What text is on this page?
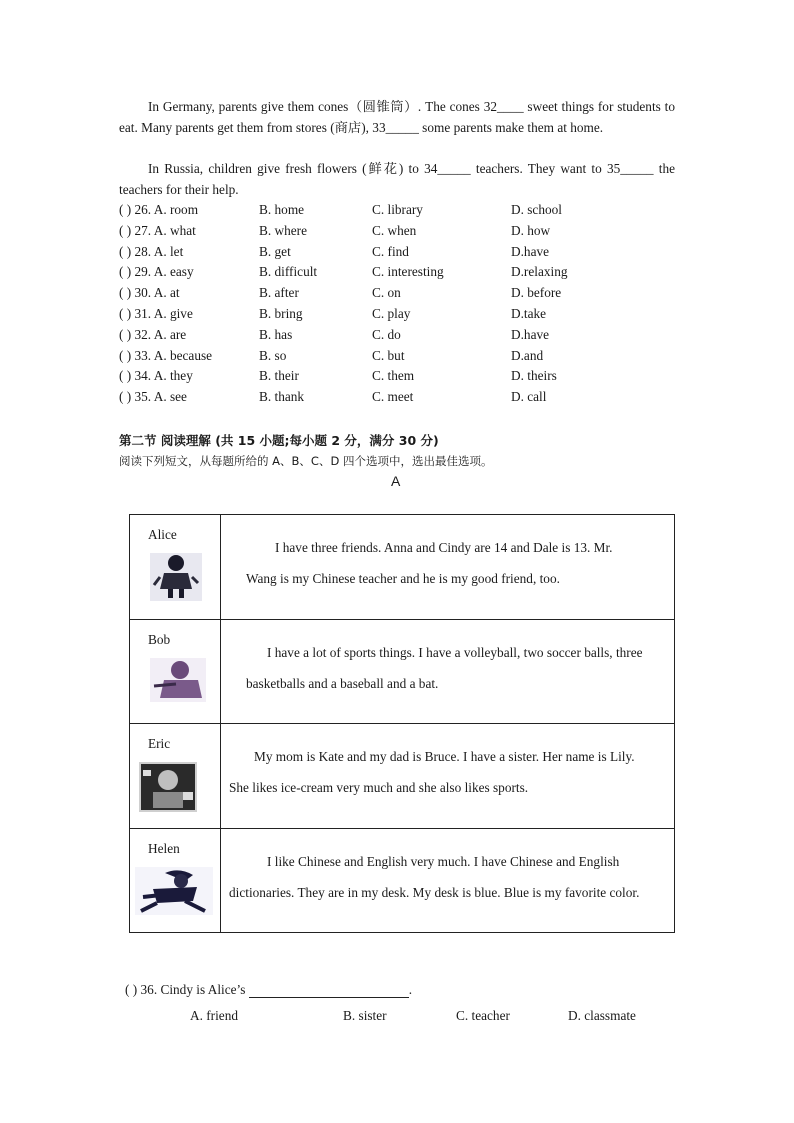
In Germany, parents give them cones（圆锥筒）. The cones 32____ sweet things for students to eat. Many parents get them from stores (商店), 33_____ some parents make them at home.

In Russia, children give fresh flowers (鲜花) to 34_____ teachers. They want to 35_____ the teachers for their help.

( ) 26. A. room	B. home	C. library	D. school
( ) 27. A. what	B. where	C. when	D. how
( ) 28. A. let	B. get	C. find	D.have
( ) 29. A. easy	B. difficult	C. interesting	D.relaxing
( ) 30. A. at	B. after	C. on	D. before
( ) 31. A. give	B. bring	C. play	D.take
( ) 32. A. are	B. has	C. do	D.have
( ) 33. A. because	B. so	C. but	D.and
( ) 34. A. they	B. their	C. them	D. theirs
( ) 35. A. see	B. thank	C. meet	D. call
第二节 阅读理解 (共 15 小题;每小题 2 分，满分 30 分)
阅读下列短文，从每题所给的 A、B、C、D 四个选项中，选出最佳选项。
A
Alice	I have three friends. Anna and Cindy are 14 and Dale is 13. Mr.
Wang is my Chinese teacher and he is my good friend, too.

Bob	I have a lot of sports things. I have a volleyball, two soccer balls, three
basketballs and a baseball and a bat.

Eric	My mom is Kate and my dad is Bruce. I have a sister. Her name is Lily.
She likes ice-cream very much and she also likes sports.

Helen	I like Chinese and English very much. I have Chinese and English
dictionaries. They are in my desk. My desk is blue. Blue is my favorite color.
( ) 36. Cindy is Alice’s	.
A. friend	B. sister	C. teacher	D. classmate
